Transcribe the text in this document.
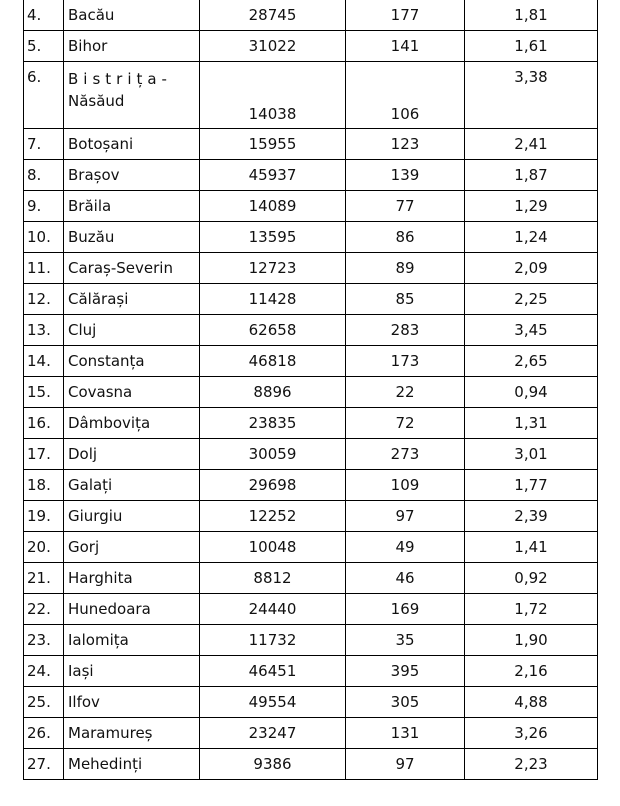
4.	Bacău	28745	177	1,81
5.	Bihor	31022	141	1,61
6.	Bistrița-
Năsăud	14038	106	3,38
7.	Botoșani	15955	123	2,41
8.	Brașov	45937	139	1,87
9.	Brăila	14089	77	1,29
10.	Buzău	13595	86	1,24
11.	Caraș-Severin	12723	89	2,09
12.	Călărași	11428	85	2,25
13.	Cluj	62658	283	3,45
14.	Constanța	46818	173	2,65
15.	Covasna	8896	22	0,94
16.	Dâmbovița	23835	72	1,31
17.	Dolj	30059	273	3,01
18.	Galați	29698	109	1,77
19.	Giurgiu	12252	97	2,39
20.	Gorj	10048	49	1,41
21.	Harghita	8812	46	0,92
22.	Hunedoara	24440	169	1,72
23.	Ialomița	11732	35	1,90
24.	Iași	46451	395	2,16
25.	Ilfov	49554	305	4,88
26.	Maramureș	23247	131	3,26
27.	Mehedinți	9386	97	2,23
